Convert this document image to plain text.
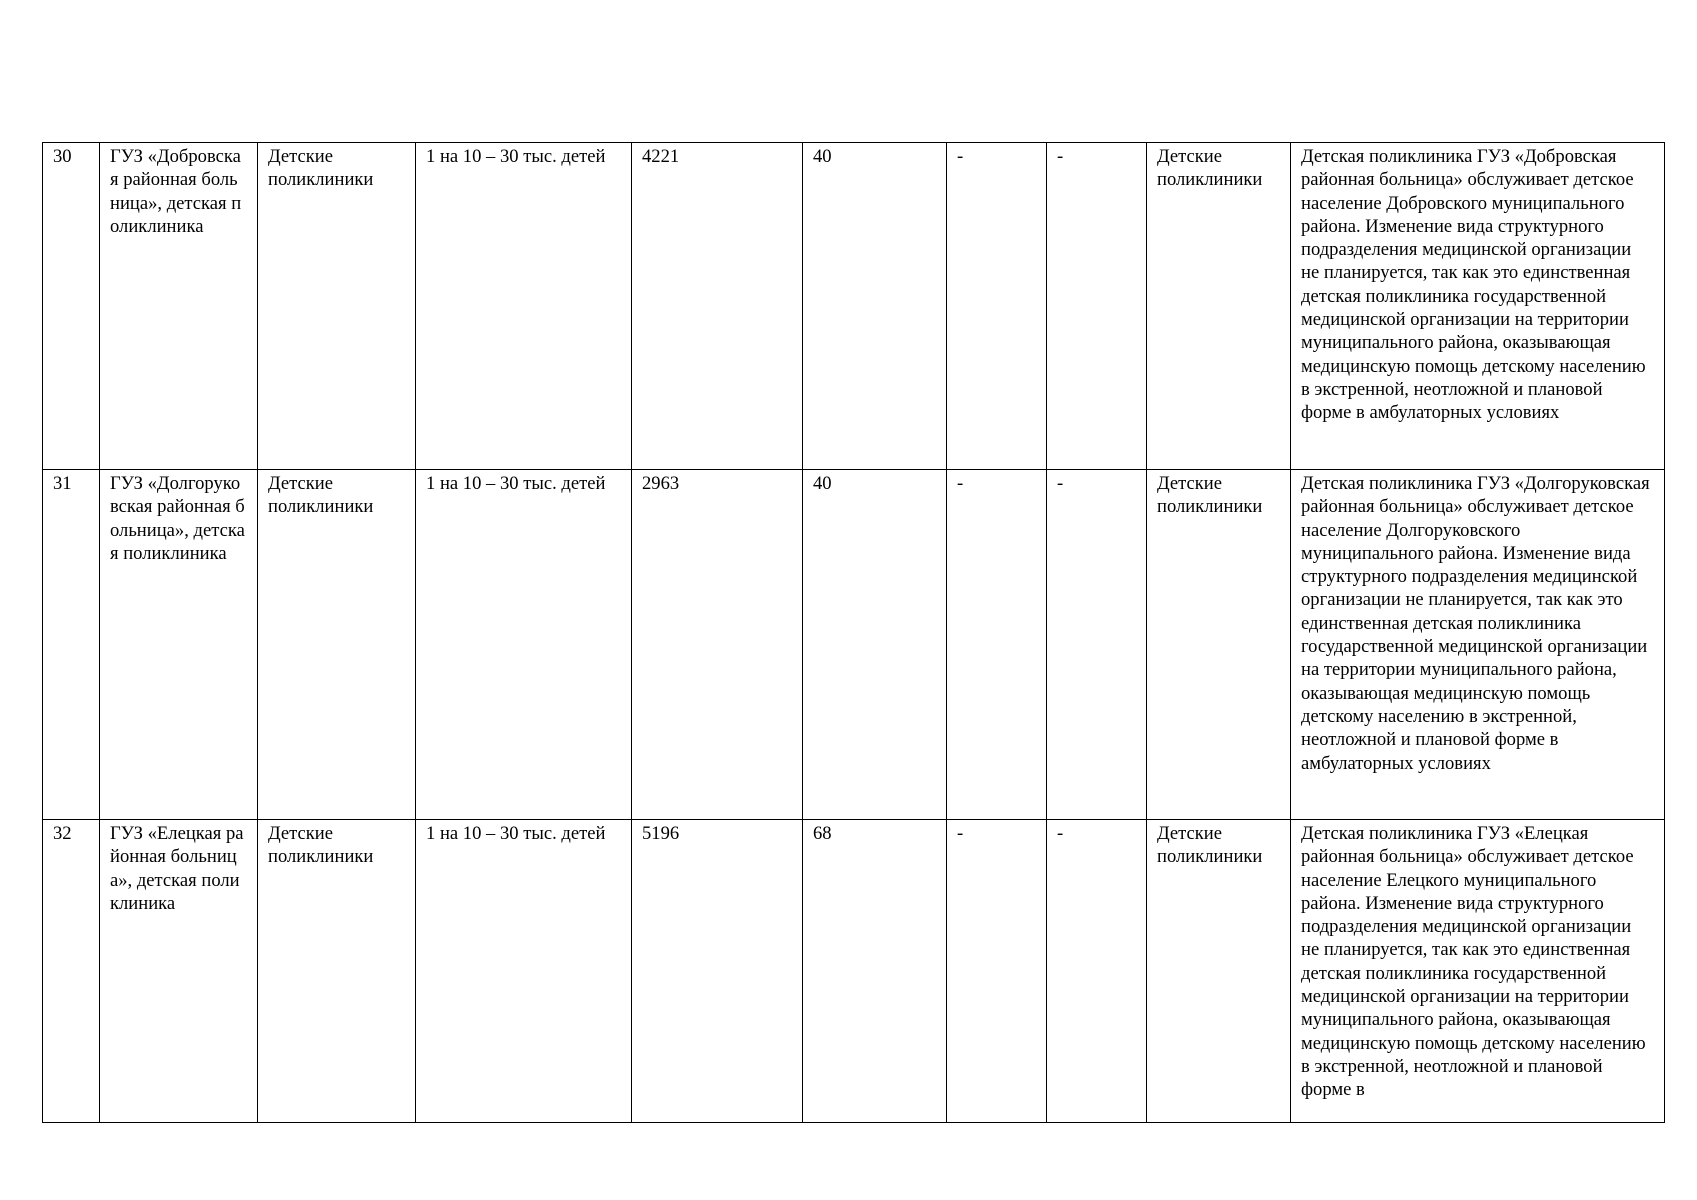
30	ГУЗ «Добровская районная больница», детская поликлиника	Детские поликлиники	1 на 10 – 30 тыс. детей	4221	40	-	-	Детские поликлиники	Детская поликлиника ГУЗ «Добровская районная больница» обслуживает детское население Добровского муниципального района. Изменение вида структурного подразделения медицинской организации не планируется, так как это единственная детская поликлиника государственной медицинской организации на территории муниципального района, оказывающая медицинскую помощь детскому населению в экстренной, неотложной и плановой форме в амбулаторных условиях

31	ГУЗ «Долгоруковская районная больница», детская поликлиника	Детские поликлиники	1 на 10 – 30 тыс. детей	2963	40	-	-	Детские поликлиники	Детская поликлиника ГУЗ «Долгоруковская районная больница» обслуживает детское население Долгоруковского муниципального района. Изменение вида структурного подразделения медицинской организации не планируется, так как это единственная детская поликлиника государственной медицинской организации на территории муниципального района, оказывающая медицинскую помощь детскому населению в экстренной, неотложной и плановой форме в амбулаторных условиях

32	ГУЗ «Елецкая районная больница», детская поликлиника	Детские поликлиники	1 на 10 – 30 тыс. детей	5196	68	-	-	Детские поликлиники	Детская поликлиника ГУЗ «Елецкая районная больница» обслуживает детское население Елецкого муниципального района. Изменение вида структурного подразделения медицинской организации не планируется, так как это единственная детская поликлиника государственной медицинской организации на территории муниципального района, оказывающая медицинскую помощь детскому населению в экстренной, неотложной и плановой форме в
